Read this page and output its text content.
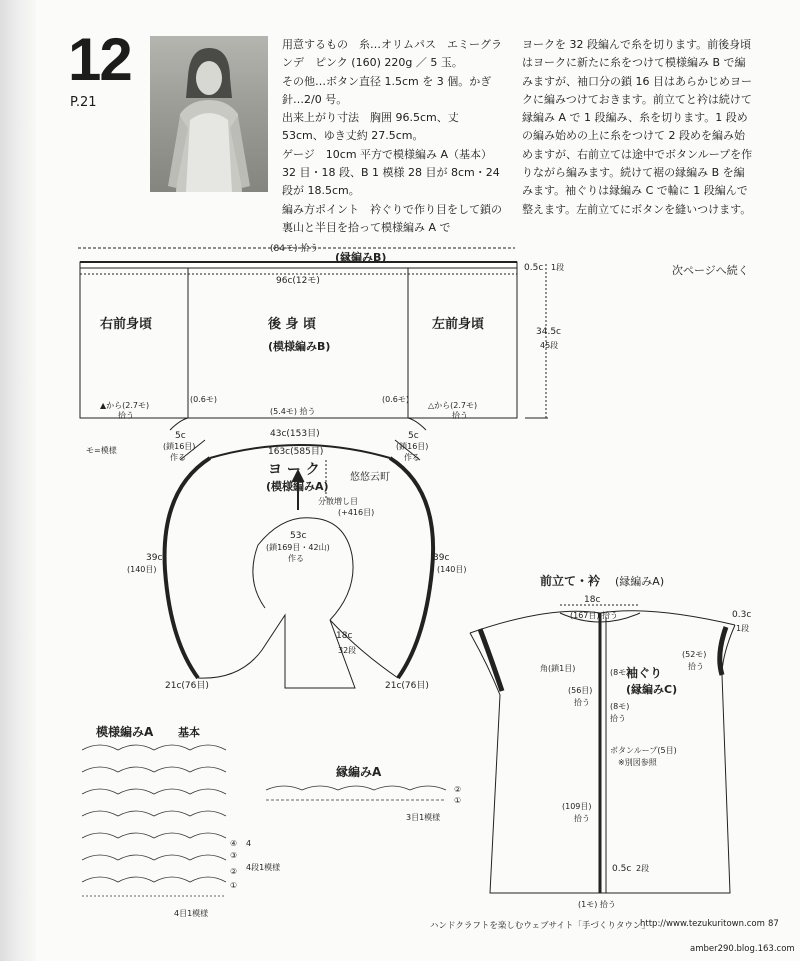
12
P.21

用意するもの　糸…オリムパス　エミーグランデ　ピンク (160) 220g ／ 5 玉。

その他…ボタン直径 1.5cm を 3 個。かぎ針…2/0 号。

出来上がり寸法　胸囲 96.5cm、丈 53cm、ゆき丈約 27.5cm。

ゲージ　10cm 平方で模様編み A（基本）32 目・18 段、B 1 模様 28 目が 8cm・24 段が 18.5cm。

編み方ポイント　衿ぐりで作り目をして鎖の裏山と半目を拾って模様編み A で

ヨークを 32 段編んで糸を切ります。前後身頃はヨークに新たに糸をつけて模様編み B で編みますが、袖口分の鎖 16 目はあらかじめヨークに編みつけておきます。前立てと衿は続けて縁編み A で 1 段編み、糸を切ります。1 段めの編み始めの上に糸をつけて 2 段めを編み始めますが、右前立ては途中でボタンループを作りながら編みます。続けて裾の縁編み B を編みます。袖ぐりは縁編み C で輪に 1 段編んで整えます。左前立てにボタンを縫いつけます。
(84モ) 拾う
(縁編みB)
96c(12モ)
右前身頃	後 身 頃
(模様編みB)
左前身頃
0.5c 1段
34.5c
45段
▲から(2.7モ)
拾う
(0.6モ)
(5.4モ) 拾う
(0.6モ)
△から(2.7モ)
拾う
モ=模様
次ページへ続く
5c
(鎖16目)
作る
5c
(鎖16目)
作る
43c(153目)
163c(585目)
ヨ ー ク
(模様編みA)
分散増し目
(+416目)
53c
(鎖169目・42山)
作る
39c
(140目)
39c
(140目)
18c
32段
21c(76目)	21c(76目)
悠悠云町
前立て・衿 (縁編みA)
18c
(167目) 拾う	0.3c
1段
角(鎖1目)	(8モ)
袖ぐり
(縁編みC)
(52モ)
拾う
(56目)
拾う	(8モ)
拾う
ボタンループ(5目)
※別図参照
(109目)
拾う
0.5c 2段
(1モ) 拾う
模様編みA 基本
④
③
②
①
4
4段1模様
4目1模様
縁編みA
②
①
3目1模様
ハンドクラフトを楽しむウェブサイト「手づくりタウン」
http://www.tezukuritown.com 87
amber290.blog.163.com
